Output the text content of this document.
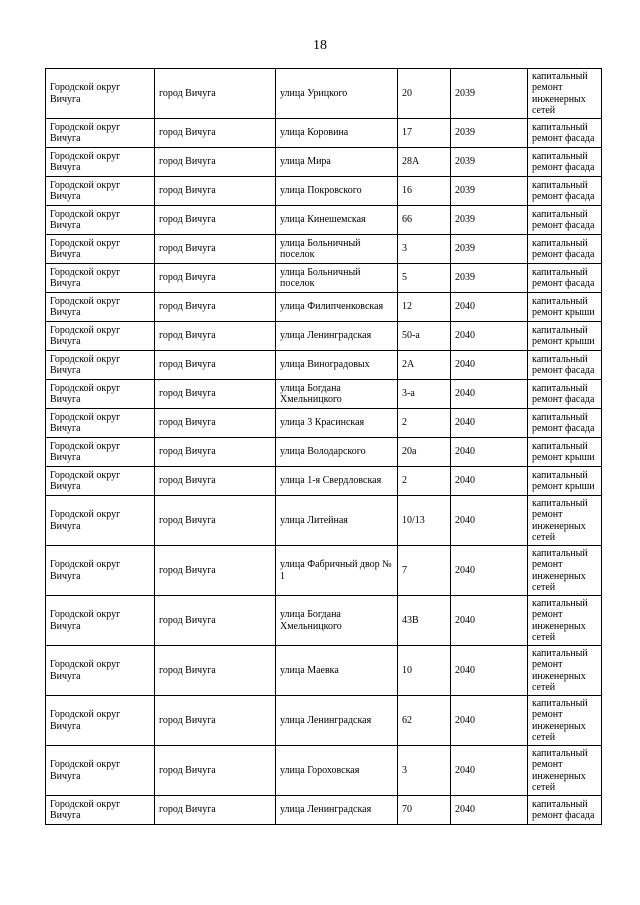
18
Городской округ Вичуга	город Вичуга	улица Урицкого	20	2039	капитальный ремонт инженерных сетей
Городской округ Вичуга	город Вичуга	улица Коровина	17	2039	капитальный ремонт фасада
Городской округ Вичуга	город Вичуга	улица Мира	28А	2039	капитальный ремонт фасада
Городской округ Вичуга	город Вичуга	улица Покровского	16	2039	капитальный ремонт фасада
Городской округ Вичуга	город Вичуга	улица Кинешемская	66	2039	капитальный ремонт фасада
Городской округ Вичуга	город Вичуга	улица Больничный поселок	3	2039	капитальный ремонт фасада
Городской округ Вичуга	город Вичуга	улица Больничный поселок	5	2039	капитальный ремонт фасада
Городской округ Вичуга	город Вичуга	улица Филипченковская	12	2040	капитальный ремонт крыши
Городской округ Вичуга	город Вичуга	улица Ленинградская	50-а	2040	капитальный ремонт крыши
Городской округ Вичуга	город Вичуга	улица Виноградовых	2А	2040	капитальный ремонт фасада
Городской округ Вичуга	город Вичуга	улица Богдана Хмельницкого	3-а	2040	капитальный ремонт фасада
Городской округ Вичуга	город Вичуга	улица 3 Красинская	2	2040	капитальный ремонт фасада
Городской округ Вичуга	город Вичуга	улица Володарского	20а	2040	капитальный ремонт крыши
Городской округ Вичуга	город Вичуга	улица 1-я Свердловская	2	2040	капитальный ремонт крыши
Городской округ Вичуга	город Вичуга	улица Литейная	10/13	2040	капитальный ремонт инженерных сетей
Городской округ Вичуга	город Вичуга	улица Фабричный двор № 1	7	2040	капитальный ремонт инженерных сетей
Городской округ Вичуга	город Вичуга	улица Богдана Хмельницкого	43В	2040	капитальный ремонт инженерных сетей
Городской округ Вичуга	город Вичуга	улица Маевка	10	2040	капитальный ремонт инженерных сетей
Городской округ Вичуга	город Вичуга	улица Ленинградская	62	2040	капитальный ремонт инженерных сетей
Городской округ Вичуга	город Вичуга	улица Гороховская	3	2040	капитальный ремонт инженерных сетей
Городской округ Вичуга	город Вичуга	улица Ленинградская	70	2040	капитальный ремонт фасада
